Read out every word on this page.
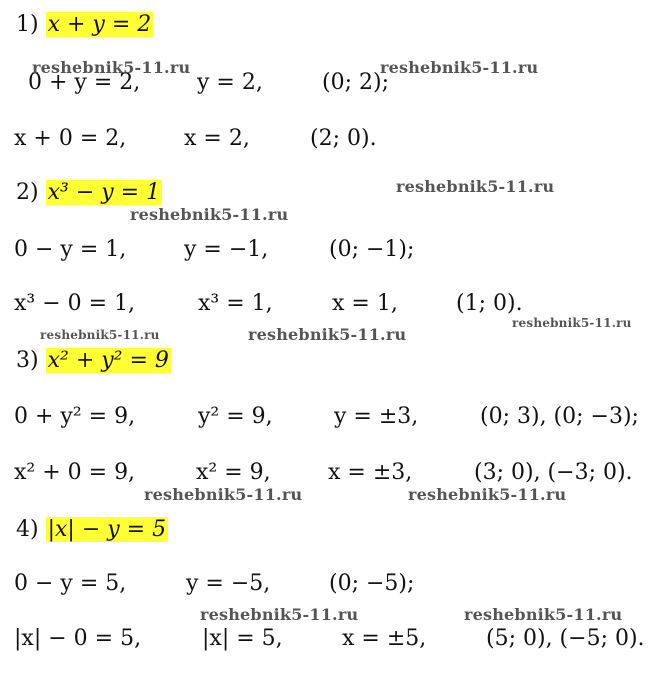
1) x + y = 2
0 + y = 2,	y = 2,	(0; 2);
x + 0 = 2,	x = 2,	(2; 0).
2) x³ − y = 1
0 − y = 1,	y = −1,	(0; −1);
x³ − 0 = 1,	x³ = 1,	x = 1,	(1; 0).
3) x² + y² = 9
0 + y² = 9,	y² = 9,	y = ±3,	(0; 3), (0; −3);
x² + 0 = 9,	x² = 9,	x = ±3,	(3; 0), (−3; 0).
4) |x| − y = 5
0 − y = 5,	y = −5,	(0; −5);
|x| − 0 = 5,	|x| = 5,	x = ±5,	(5; 0), (−5; 0).
reshebnik5-11.ru	reshebnik5-11.ru
reshebnik5-11.ru
reshebnik5-11.ru
reshebnik5-11.ru	reshebnik5-11.ru
reshebnik5-11.ru
reshebnik5-11.ru	reshebnik5-11.ru
reshebnik5-11.ru	reshebnik5-11.ru
